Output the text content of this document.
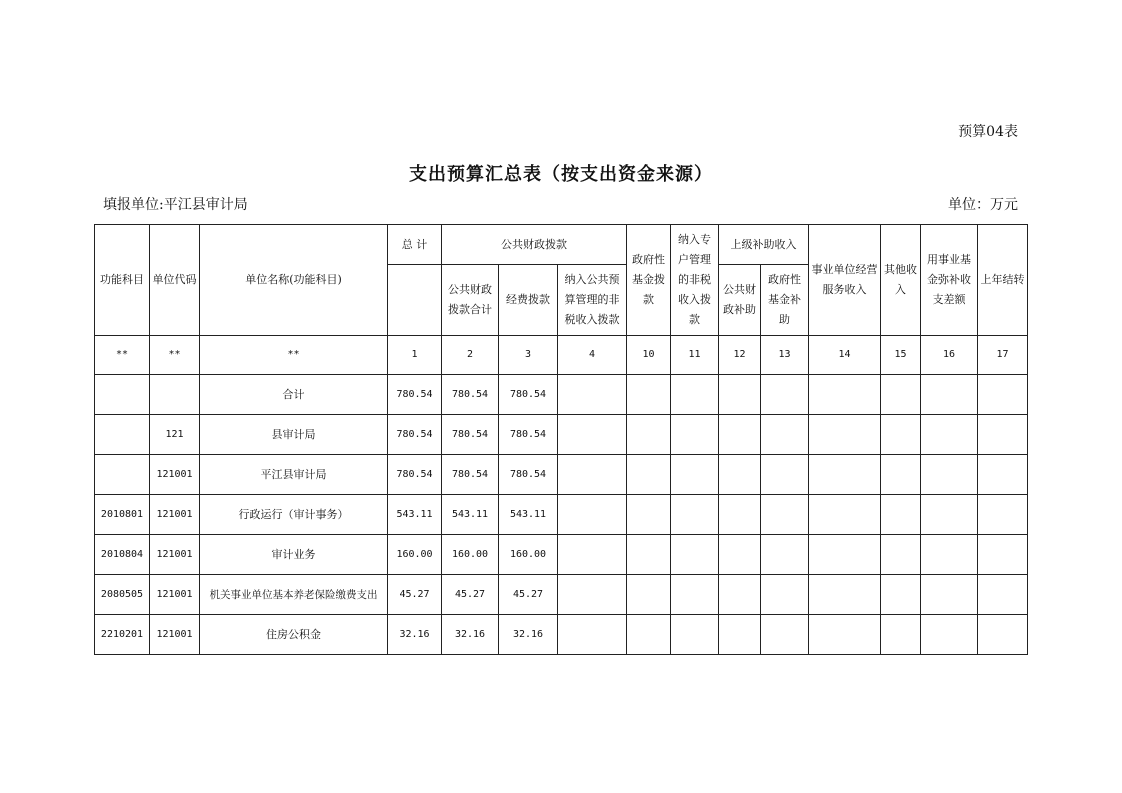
预算04表
支出预算汇总表（按支出资金来源）
填报单位:平江县审计局	单位：万元
功能科目	单位代码	单位名称(功能科目)	总 计	公共财政拨款			政府性基金拨款	纳入专户管理的非税收入拨款	上级补助收入		事业单位经营服务收入	其他收入	用事业基金弥补收支差额	上年结转
				公共财政拨款合计	经费拨款	纳入公共预算管理的非税收入拨款			公共财政补助	政府性基金补助				
**	**	**	1	2	3	4	10	11	12	13	14	15	16	17
		合计	780.54	780.54	780.54									
	121	县审计局	780.54	780.54	780.54									
	121001	平江县审计局	780.54	780.54	780.54									
2010801	121001	行政运行（审计事务）	543.11	543.11	543.11									
2010804	121001	审计业务	160.00	160.00	160.00									
2080505	121001	机关事业单位基本养老保险缴费支出	45.27	45.27	45.27									
2210201	121001	住房公积金	32.16	32.16	32.16									
